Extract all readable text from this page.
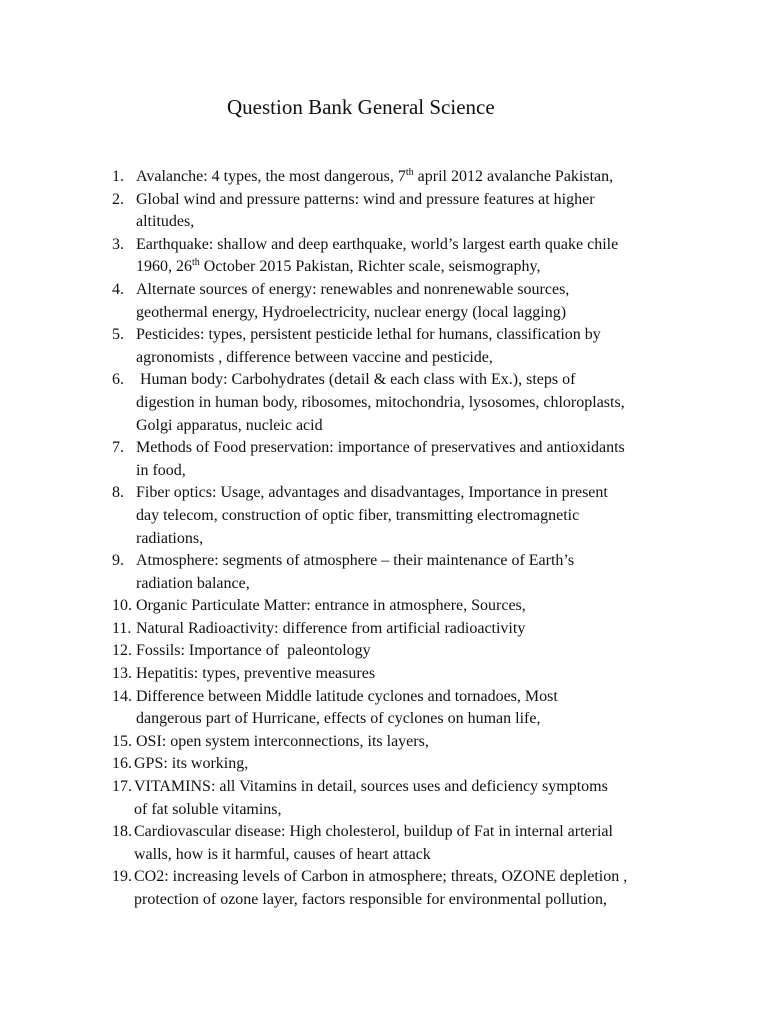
Question Bank General Science
1. Avalanche: 4 types, the most dangerous, 7th april 2012 avalanche Pakistan,
2. Global wind and pressure patterns: wind and pressure features at higher
altitudes,
3. Earthquake: shallow and deep earthquake, world’s largest earth quake chile
1960, 26th October 2015 Pakistan, Richter scale, seismography,
4. Alternate sources of energy: renewables and nonrenewable sources,
geothermal energy, Hydroelectricity, nuclear energy (local lagging)
5. Pesticides: types, persistent pesticide lethal for humans, classification by
agronomists , difference between vaccine and pesticide,
6. Human body: Carbohydrates (detail & each class with Ex.), steps of
digestion in human body, ribosomes, mitochondria, lysosomes, chloroplasts,
Golgi apparatus, nucleic acid
7. Methods of Food preservation: importance of preservatives and antioxidants
in food,
8. Fiber optics: Usage, advantages and disadvantages, Importance in present
day telecom, construction of optic fiber, transmitting electromagnetic
radiations,
9. Atmosphere: segments of atmosphere – their maintenance of Earth’s
radiation balance,
10. Organic Particulate Matter: entrance in atmosphere, Sources,
11. Natural Radioactivity: difference from artificial radioactivity
12. Fossils: Importance of  paleontology
13. Hepatitis: types, preventive measures
14. Difference between Middle latitude cyclones and tornadoes, Most
dangerous part of Hurricane, effects of cyclones on human life,
15. OSI: open system interconnections, its layers,
16. GPS: its working,
17. VITAMINS: all Vitamins in detail, sources uses and deficiency symptoms
of fat soluble vitamins,
18. Cardiovascular disease: High cholesterol, buildup of Fat in internal arterial
walls, how is it harmful, causes of heart attack
19. CO2: increasing levels of Carbon in atmosphere; threats, OZONE depletion ,
protection of ozone layer, factors responsible for environmental pollution,
